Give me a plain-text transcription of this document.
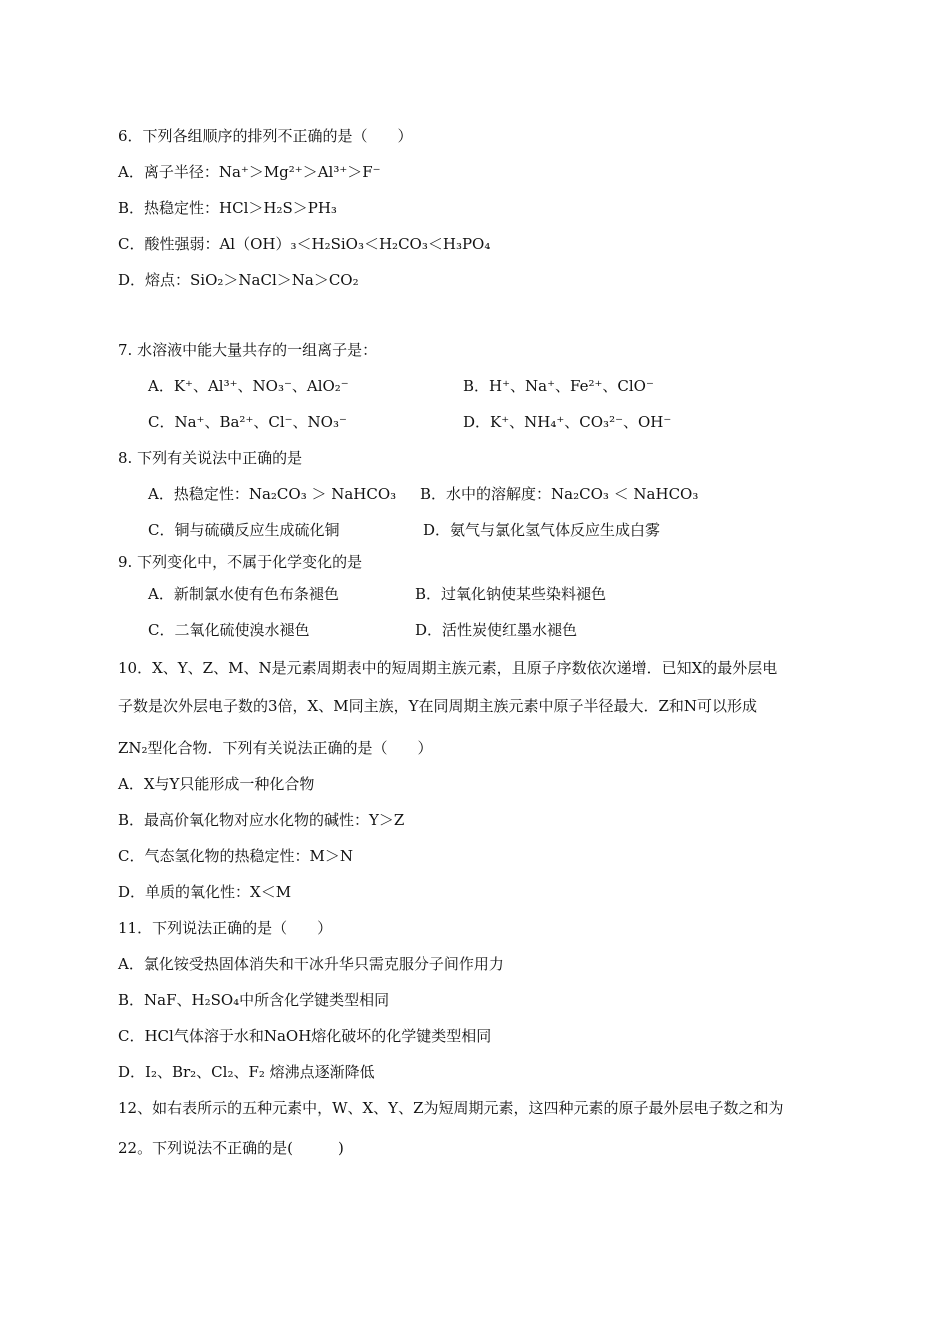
6．下列各组顺序的排列不正确的是（　　）
A．离子半径：Na⁺＞Mg²⁺＞Al³⁺＞F⁻
B．热稳定性：HCl＞H₂S＞PH₃
C．酸性强弱：Al（OH）₃＜H₂SiO₃＜H₂CO₃＜H₃PO₄
D．熔点：SiO₂＞NaCl＞Na＞CO₂
7. 水溶液中能大量共存的一组离子是：
A．K⁺、Al³⁺、NO₃⁻、AlO₂⁻	B．H⁺、Na⁺、Fe²⁺、ClO⁻
C．Na⁺、Ba²⁺、Cl⁻、NO₃⁻	D．K⁺、NH₄⁺、CO₃²⁻、OH⁻
8. 下列有关说法中正确的是
A．热稳定性：Na₂CO₃ ＞ NaHCO₃ B．水中的溶解度：Na₂CO₃ ＜ NaHCO₃
C．铜与硫磺反应生成硫化铜	D．氨气与氯化氢气体反应生成白雾
9. 下列变化中，不属于化学变化的是
A．新制氯水使有色布条褪色	B．过氧化钠使某些染料褪色
C．二氧化硫使溴水褪色	D．活性炭使红墨水褪色
10．X、Y、Z、M、N是元素周期表中的短周期主族元素，且原子序数依次递增．已知X的最外层电
子数是次外层电子数的3倍，X、M同主族，Y在同周期主族元素中原子半径最大．Z和N可以形成
ZN₂型化合物．下列有关说法正确的是（　　）
A．X与Y只能形成一种化合物
B．最高价氧化物对应水化物的碱性：Y＞Z
C．气态氢化物的热稳定性：M＞N
D．单质的氧化性：X＜M
11．下列说法正确的是（　　）
A．氯化铵受热固体消失和干冰升华只需克服分子间作用力
B．NaF、H₂SO₄中所含化学键类型相同
C．HCl气体溶于水和NaOH熔化破坏的化学键类型相同
D．I₂、Br₂、Cl₂、F₂ 熔沸点逐渐降低
12、如右表所示的五种元素中，W、X、Y、Z为短周期元素，这四种元素的原子最外层电子数之和为
22。下列说法不正确的是(　　　)
